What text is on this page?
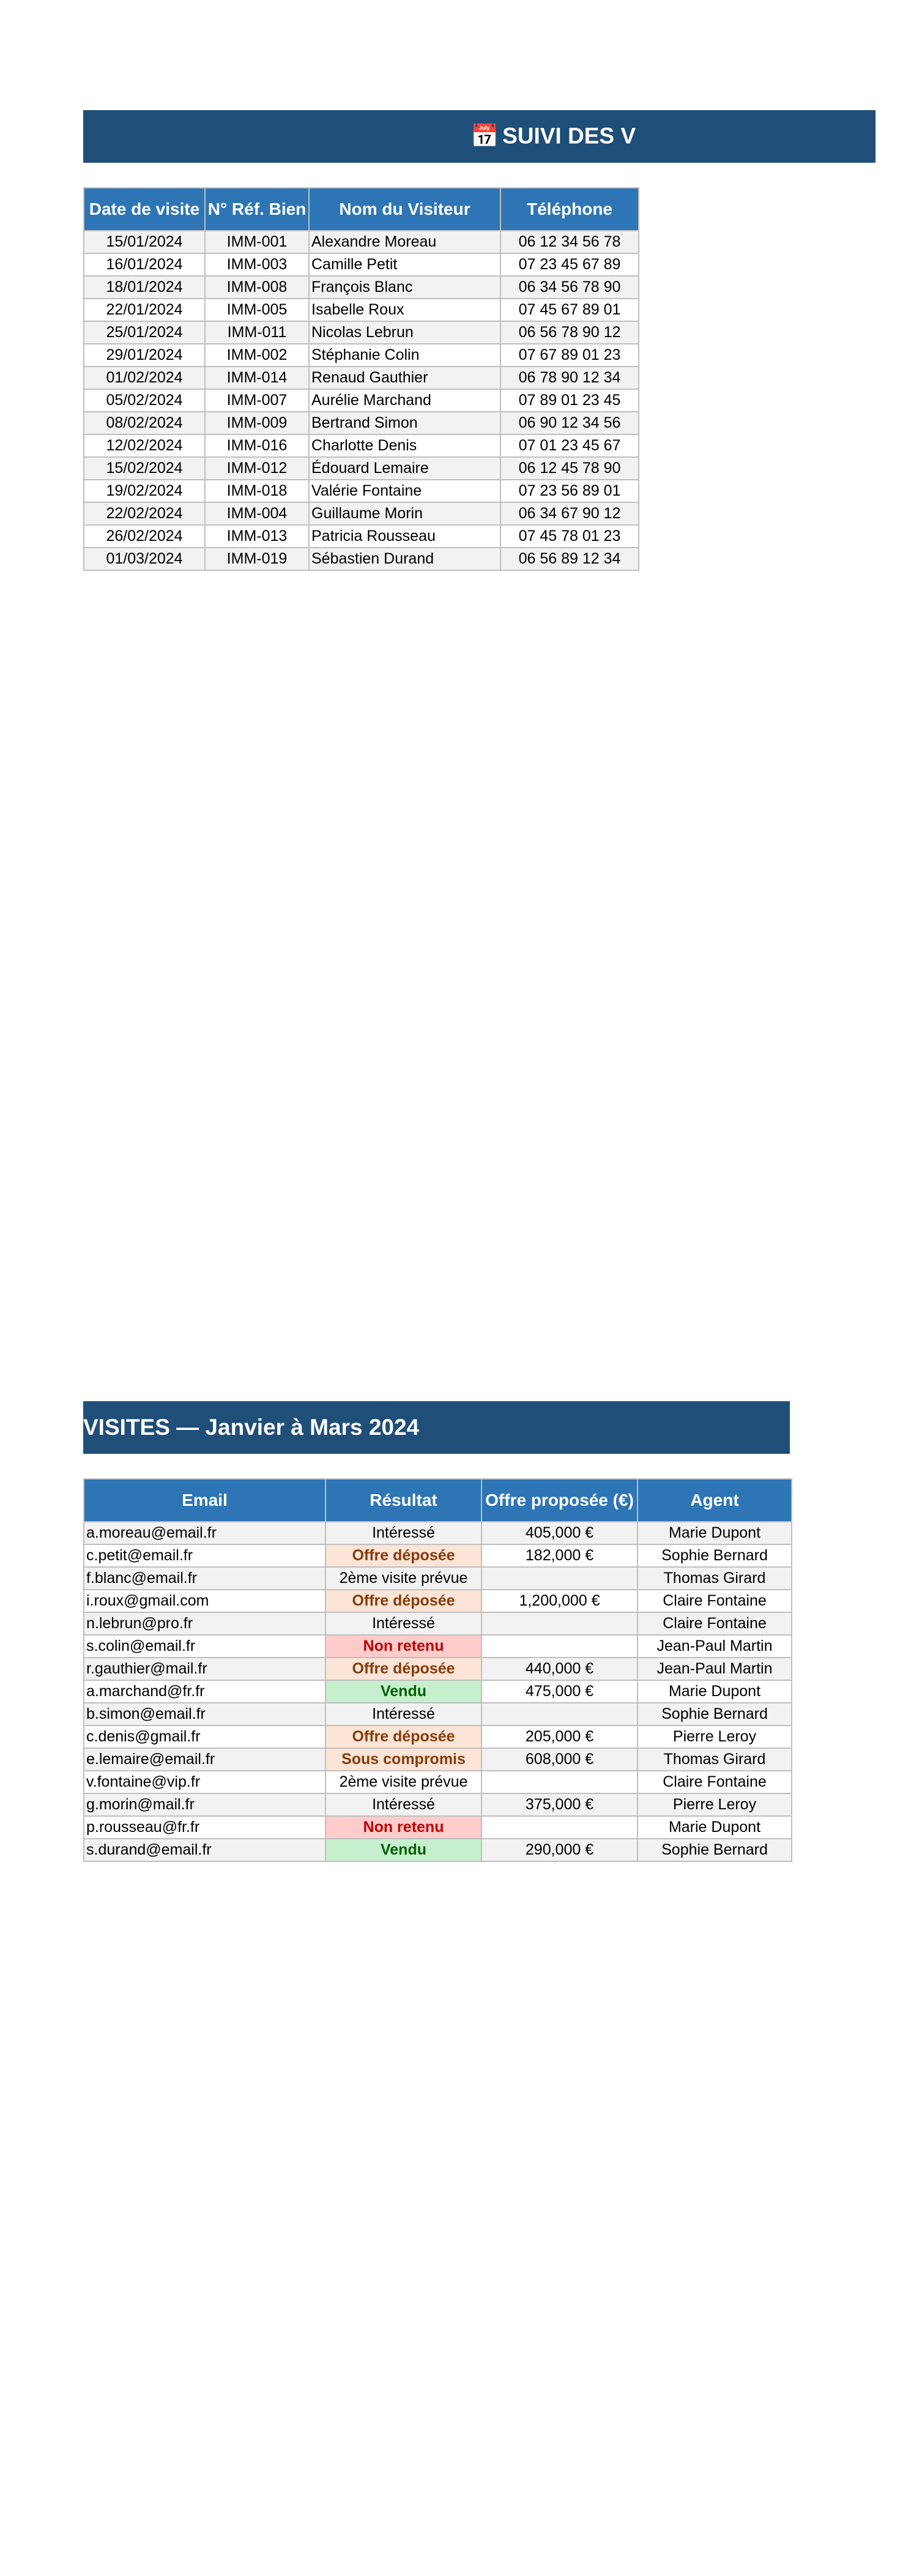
📅 SUIVI DES V
Date de visite	N° Réf. Bien	Nom du Visiteur	Téléphone
15/01/2024	IMM-001	Alexandre Moreau	06 12 34 56 78
16/01/2024	IMM-003	Camille Petit	07 23 45 67 89
18/01/2024	IMM-008	François Blanc	06 34 56 78 90
22/01/2024	IMM-005	Isabelle Roux	07 45 67 89 01
25/01/2024	IMM-011	Nicolas Lebrun	06 56 78 90 12
29/01/2024	IMM-002	Stéphanie Colin	07 67 89 01 23
01/02/2024	IMM-014	Renaud Gauthier	06 78 90 12 34
05/02/2024	IMM-007	Aurélie Marchand	07 89 01 23 45
08/02/2024	IMM-009	Bertrand Simon	06 90 12 34 56
12/02/2024	IMM-016	Charlotte Denis	07 01 23 45 67
15/02/2024	IMM-012	Édouard Lemaire	06 12 45 78 90
19/02/2024	IMM-018	Valérie Fontaine	07 23 56 89 01
22/02/2024	IMM-004	Guillaume Morin	06 34 67 90 12
26/02/2024	IMM-013	Patricia Rousseau	07 45 78 01 23
01/03/2024	IMM-019	Sébastien Durand	06 56 89 12 34
VISITES — Janvier à Mars 2024
Email	Résultat	Offre proposée (€)	Agent
a.moreau@email.fr	Intéressé	405,000 €	Marie Dupont
c.petit@email.fr	Offre déposée	182,000 €	Sophie Bernard
f.blanc@email.fr	2ème visite prévue		Thomas Girard
i.roux@gmail.com	Offre déposée	1,200,000 €	Claire Fontaine
n.lebrun@pro.fr	Intéressé		Claire Fontaine
s.colin@email.fr	Non retenu		Jean-Paul Martin
r.gauthier@mail.fr	Offre déposée	440,000 €	Jean-Paul Martin
a.marchand@fr.fr	Vendu	475,000 €	Marie Dupont
b.simon@email.fr	Intéressé		Sophie Bernard
c.denis@gmail.fr	Offre déposée	205,000 €	Pierre Leroy
e.lemaire@email.fr	Sous compromis	608,000 €	Thomas Girard
v.fontaine@vip.fr	2ème visite prévue		Claire Fontaine
g.morin@mail.fr	Intéressé	375,000 €	Pierre Leroy
p.rousseau@fr.fr	Non retenu		Marie Dupont
s.durand@email.fr	Vendu	290,000 €	Sophie Bernard
